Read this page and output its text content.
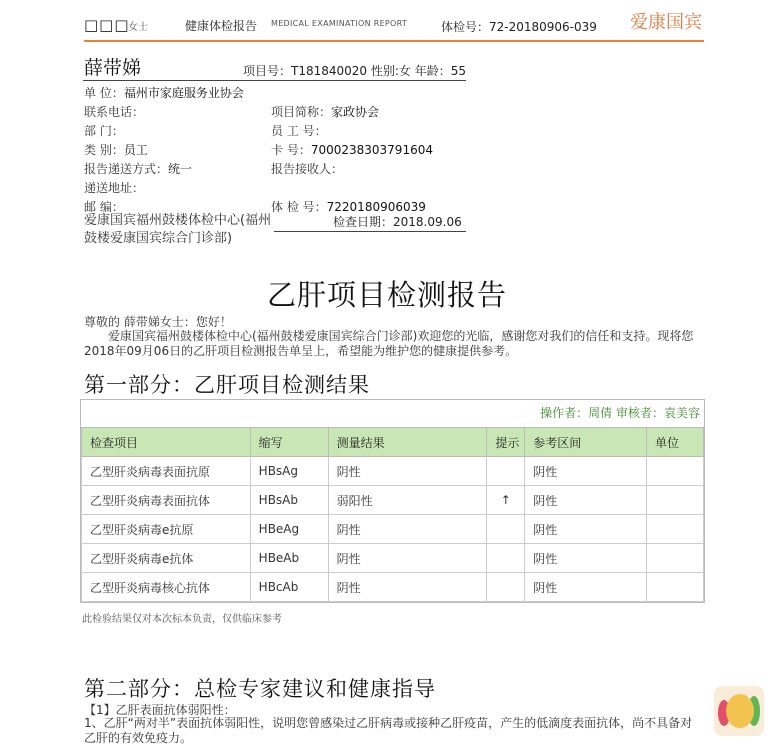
□□□
女士	健康体检报告 MEDICAL EXAMINATION REPORT	体检号：72-20180906-039 爱康国宾
薛带娣	项目号：T181840020 性别:女 年龄：55
单 位：福州市家庭服务业协会
联系电话：	项目简称：家政协会
部 门：	员 工 号：
类 别：员工	卡 号：7000238303791604
报告递送方式：统一	报告接收人：
递送地址：
邮 编：	体 检 号：7220180906039
爱康国宾福州鼓楼体检中心(福州鼓楼爱康国宾综合门诊部)
检查日期：2018.09.06
乙肝项目检测报告
尊敬的 薛带娣女士：您好！
爱康国宾福州鼓楼体检中心(福州鼓楼爱康国宾综合门诊部)欢迎您的光临，感谢您对我们的信任和支持。现将您2018年09月06日的乙肝项目检测报告单呈上，希望能为维护您的健康提供参考。
第一部分：乙肝项目检测结果
操作者：周倩 审核者：袁美容
检查项目	缩写	测量结果	提示	参考区间	单位
乙型肝炎病毒表面抗原	HBsAg	阴性		阴性	
乙型肝炎病毒表面抗体	HBsAb	弱阳性	↑	阴性	
乙型肝炎病毒e抗原	HBeAg	阴性		阴性	
乙型肝炎病毒e抗体	HBeAb	阴性		阴性	
乙型肝炎病毒核心抗体	HBcAb	阴性		阴性	
此检验结果仅对本次标本负责，仅供临床参考
第二部分：总检专家建议和健康指导
【1】乙肝表面抗体弱阳性：
1、乙肝“两对半”表面抗体弱阳性，说明您曾感染过乙肝病毒或接种乙肝疫苗，产生的低滴度表面抗体，尚不具备对乙肝的有效免疫力。
